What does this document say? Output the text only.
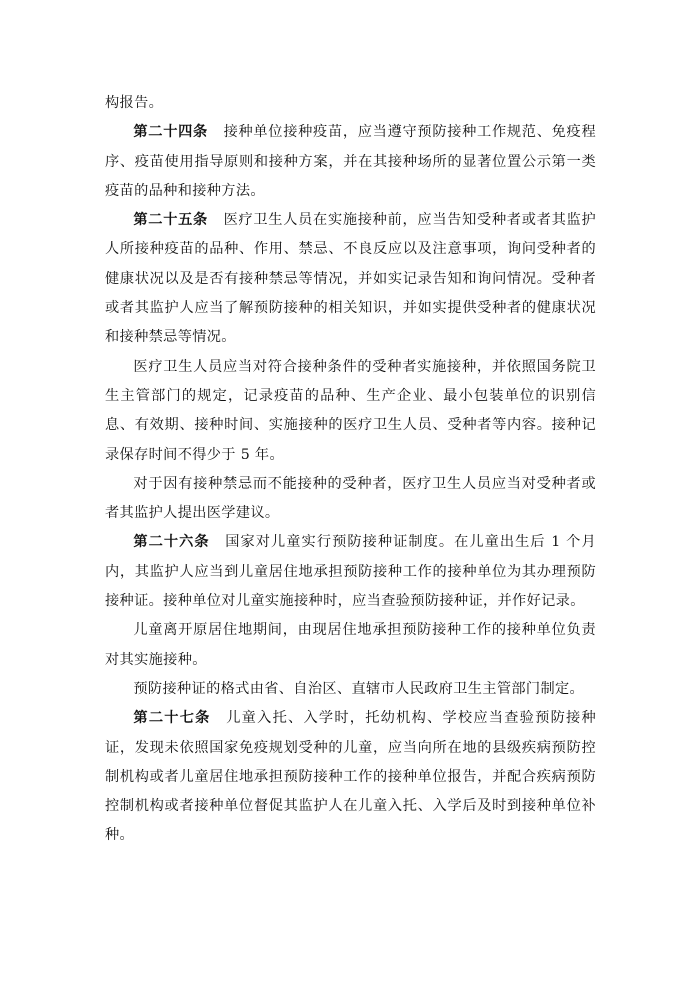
构报告。

第二十四条 接种单位接种疫苗，应当遵守预防接种工作规范、免疫程序、疫苗使用指导原则和接种方案，并在其接种场所的显著位置公示第一类疫苗的品种和接种方法。

第二十五条 医疗卫生人员在实施接种前，应当告知受种者或者其监护人所接种疫苗的品种、作用、禁忌、不良反应以及注意事项，询问受种者的健康状况以及是否有接种禁忌等情况，并如实记录告知和询问情况。受种者或者其监护人应当了解预防接种的相关知识，并如实提供受种者的健康状况和接种禁忌等情况。

医疗卫生人员应当对符合接种条件的受种者实施接种，并依照国务院卫生主管部门的规定，记录疫苗的品种、生产企业、最小包装单位的识别信息、有效期、接种时间、实施接种的医疗卫生人员、受种者等内容。接种记录保存时间不得少于 5 年。

对于因有接种禁忌而不能接种的受种者，医疗卫生人员应当对受种者或者其监护人提出医学建议。

第二十六条 国家对儿童实行预防接种证制度。在儿童出生后 1 个月内，其监护人应当到儿童居住地承担预防接种工作的接种单位为其办理预防接种证。接种单位对儿童实施接种时，应当查验预防接种证，并作好记录。

儿童离开原居住地期间，由现居住地承担预防接种工作的接种单位负责对其实施接种。

预防接种证的格式由省、自治区、直辖市人民政府卫生主管部门制定。

第二十七条 儿童入托、入学时，托幼机构、学校应当查验预防接种证，发现未依照国家免疫规划受种的儿童，应当向所在地的县级疾病预防控制机构或者儿童居住地承担预防接种工作的接种单位报告，并配合疾病预防控制机构或者接种单位督促其监护人在儿童入托、入学后及时到接种单位补种。
